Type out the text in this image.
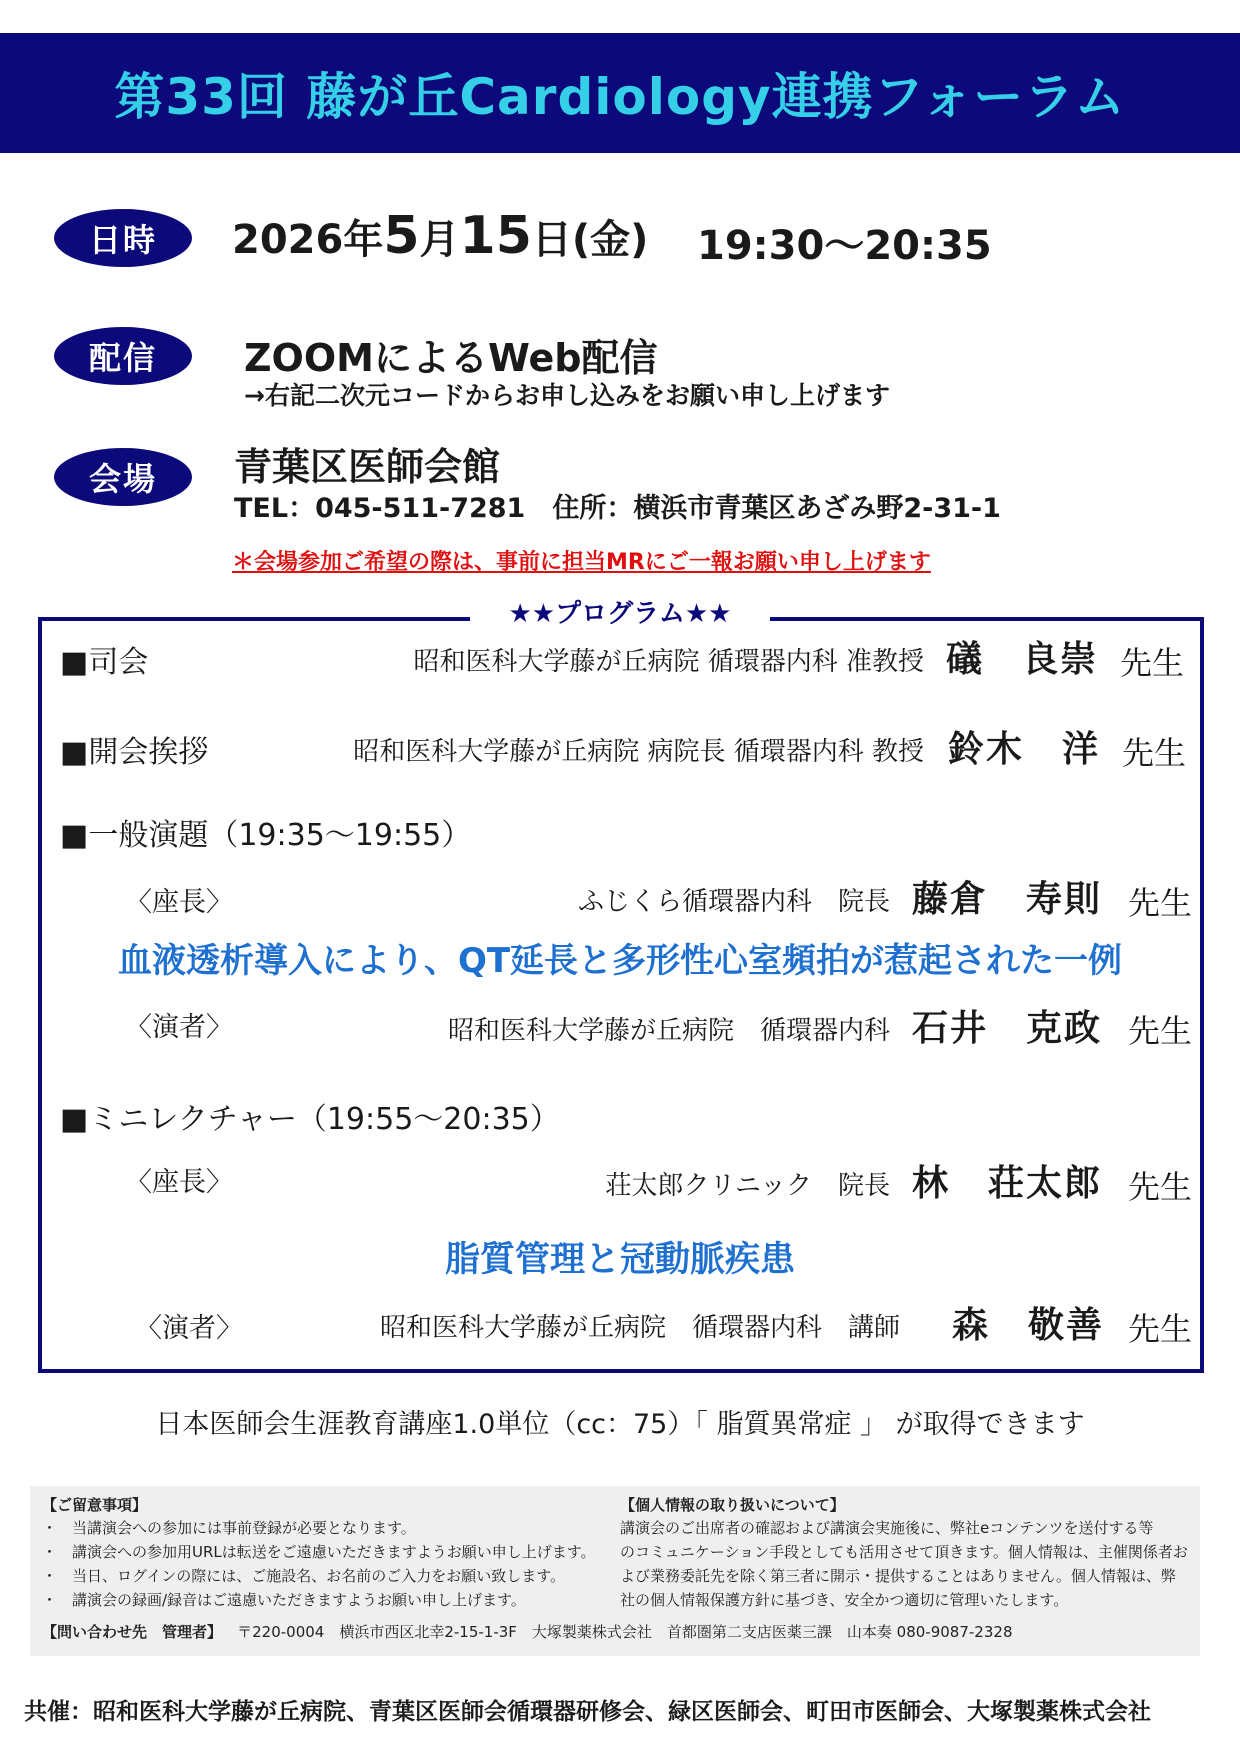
第33回 藤が丘Cardiology連携フォーラム
日時 2026年5月15日(金) 19:30～20:35
配信 ZOOMによるWeb配信
→右記二次元コードからお申し込みをお願い申し上げます
会場 青葉区医師会館
TEL：045-511-7281　住所：横浜市青葉区あざみ野2-31-1
＊会場参加ご希望の際は、事前に担当MRにご一報お願い申し上げます
★★プログラム★★
■司会	昭和医科大学藤が丘病院 循環器内科 准教授 礒　良崇 先生
■開会挨拶	昭和医科大学藤が丘病院 病院長 循環器内科 教授 鈴木　洋 先生
■一般演題（19:35～19:55）
〈座長〉	ふじくら循環器内科　院長 藤倉　寿則 先生
血液透析導入により、QT延長と多形性心室頻拍が惹起された一例
〈演者〉	昭和医科大学藤が丘病院　循環器内科 石井　克政 先生
■ミニレクチャー（19:55～20:35）
〈座長〉	荘太郎クリニック　院長 林　荘太郎 先生
脂質管理と冠動脈疾患
〈演者〉	昭和医科大学藤が丘病院　循環器内科　講師 森　敬善 先生
日本医師会生涯教育講座1.0単位（cc：75）「 脂質異常症 」 が取得できます
【ご留意事項】
・　当講演会への参加には事前登録が必要となります。
・　講演会への参加用URLは転送をご遠慮いただきますようお願い申し上げます。
・　当日、ログインの際には、ご施設名、お名前のご入力をお願い致します。
・　講演会の録画/録音はご遠慮いただきますようお願い申し上げます。
【個人情報の取り扱いについて】
講演会のご出席者の確認および講演会実施後に、弊社eコンテンツを送付する等
のコミュニケーション手段としても活用させて頂きます。個人情報は、主催関係者お
よび業務委託先を除く第三者に開示・提供することはありません。個人情報は、弊
社の個人情報保護方針に基づき、安全かつ適切に管理いたします。
【問い合わせ先　管理者】 〒220-0004　横浜市西区北幸2-15-1-3F　大塚製薬株式会社　首都圏第二支店医薬三課　山本奏 080-9087-2328
共催：昭和医科大学藤が丘病院、青葉区医師会循環器研修会、緑区医師会、町田市医師会、大塚製薬株式会社
